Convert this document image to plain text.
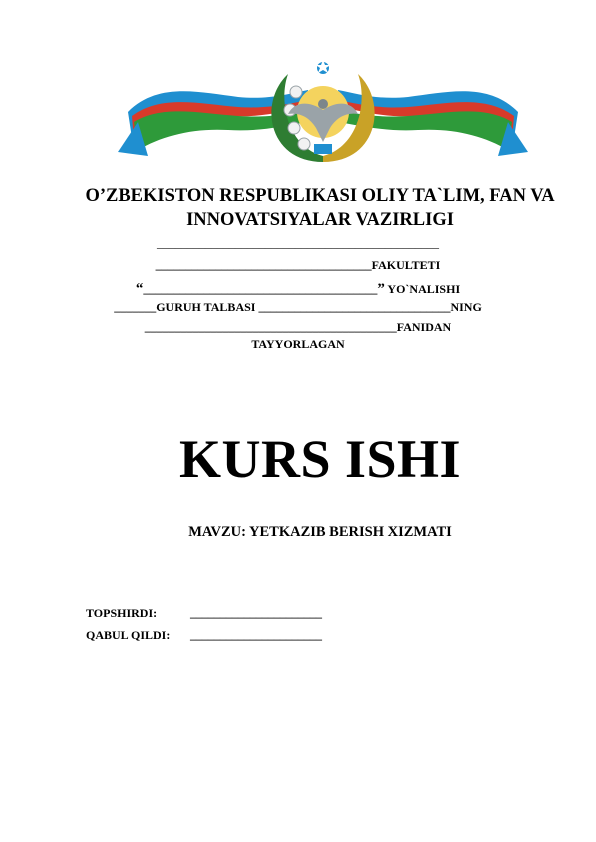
O’ZBEKISTON RESPUBLIKASI OLIY TA`LIM, FAN VA
INNOVATSIYALAR VAZIRLIGI
_______________________________________________
____________________________________FAKULTETI
“_______________________________________” YO`NALISHI
_______GURUH TALBASI ________________________________NING
__________________________________________FANIDAN
TAYYORLAGAN
KURS ISHI
MAVZU: YETKAZIB BERISH XIZMATI
TOPSHIRDI:	______________________
QABUL QILDI: ______________________
